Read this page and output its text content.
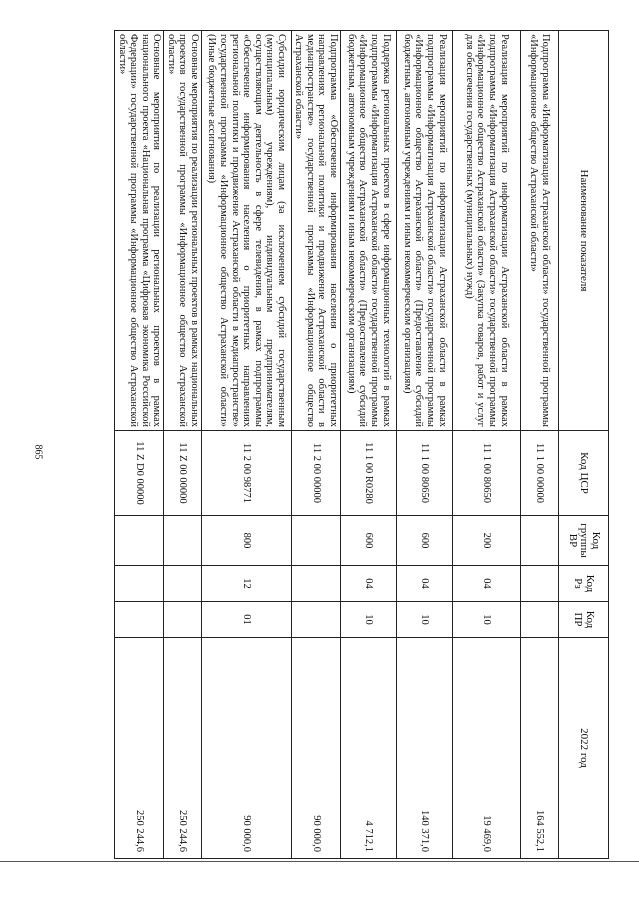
865
Наименование показателя	Код ЦСР	Код группы ВР	Код Рз	Код ПР	2022 год
Подпрограмма «Информатизация Астраханской области» государственной программы «Информационное общество Астраханской области»	11 1 00 00000				164 552,1
Реализация мероприятий по информатизации Астраханской области в рамках подпрограммы «Информатизация Астраханской области» государственной программы «Информационное общество Астраханской области» (Закупка товаров, работ и услуг для обеспечения государственных (муниципальных) нужд)	11 1 00 80650	200	04	10	19 469,0
Реализация мероприятий по информатизации Астраханской области в рамках подпрограммы «Информатизация Астраханской области» государственной программы «Информационное общество Астраханской области» (Предоставление субсидий бюджетным, автономным учреждениям и иным некоммерческим организациям)	11 1 00 80650	600	04	10	140 371,0
Поддержка региональных проектов в сфере информационных технологий в рамках подпрограммы «Информатизация Астраханской области» государственной программы «Информационное общество Астраханской области» (Предоставление субсидий бюджетным, автономным учреждениям и иным некоммерческим организациям)	11 1 00 R0280	600	04	10	4 712,1
Подпрограмма «Обеспечение информирования населения о приоритетных направлениях региональной политики и продвижение Астраханской области в медиапространстве» государственной программы «Информационное общество Астраханской области»	11 2 00 00000				90 000,0
Субсидии юридическим лицам (за исключением субсидий государственным (муниципальным) учреждениям), индивидуальным предпринимателям, осуществляющим деятельность в сфере телевидения, в рамках подпрограммы «Обеспечение информирования населения о приоритетных направлениях региональной политики и продвижение Астраханской области в медиапространстве» государственной программы «Информационное общество Астраханской области» (Иные бюджетные ассигнования)	11 2 00 98771	800	12	01	90 000,0
Основные мероприятия по реализации региональных проектов в рамках национальных проектов государственной программы «Информационное общество Астраханской области»	11 Z 00 00000				250 244,6
Основные мероприятия по реализации региональных проектов в рамках национального проекта «Национальная программа «Цифровая экономика Российской Федерации» государственной программы «Информационное общество Астраханской области»	11 Z D0 00000				250 244,6
